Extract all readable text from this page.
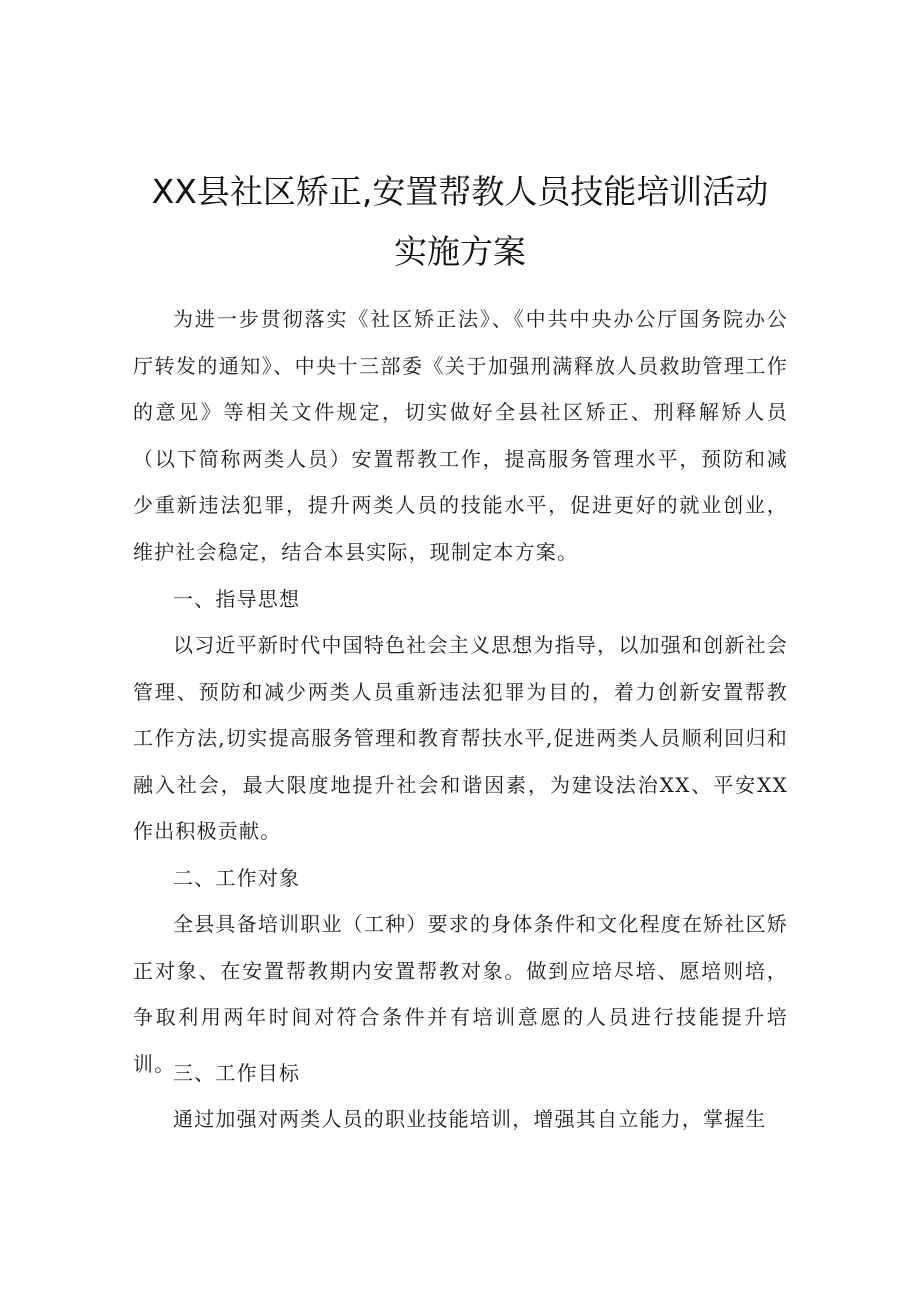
XX县社区矫正,安置帮教人员技能培训活动
实施方案

为进一步贯彻落实《社区矫正法》、《中共中央办公厅国务院办公厅转发的通知》、中央十三部委《关于加强刑满释放人员救助管理工作的意见》等相关文件规定，切实做好全县社区矫正、刑释解矫人员（以下简称两类人员）安置帮教工作，提高服务管理水平，预防和减少重新违法犯罪，提升两类人员的技能水平，促进更好的就业创业，维护社会稳定，结合本县实际，现制定本方案。

一、指导思想

以习近平新时代中国特色社会主义思想为指导，以加强和创新社会管理、预防和减少两类人员重新违法犯罪为目的，着力创新安置帮教工作方法,切实提高服务管理和教育帮扶水平,促进两类人员顺利回归和融入社会，最大限度地提升社会和谐因素，为建设法治XX、平安XX作出积极贡献。

二、工作对象

全县具备培训职业（工种）要求的身体条件和文化程度在矫社区矫正对象、在安置帮教期内安置帮教对象。做到应培尽培、愿培则培，争取利用两年时间对符合条件并有培训意愿的人员进行技能提升培训。

三、工作目标

通过加强对两类人员的职业技能培训，增强其自立能力，掌握生
